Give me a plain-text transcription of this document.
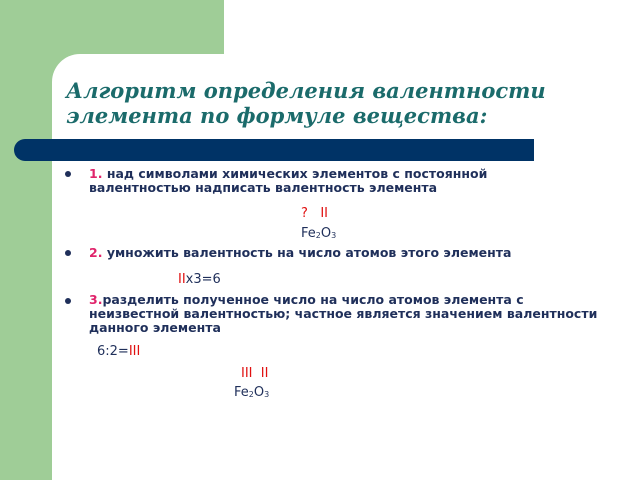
Алгоритм определения валентности
элемента по формуле вещества:

1. над символами химических элементов с постоянной валентностью надписать валентность элемента

? II
$Fe_2O_3$

2. умножить валентность на число атомов этого элемента

IIx3=6

3.разделить полученное число на число атомов элемента с неизвестной валентностью; частное является значением валентности данного элемента

6:2=III
III II
$Fe_2O_3$
